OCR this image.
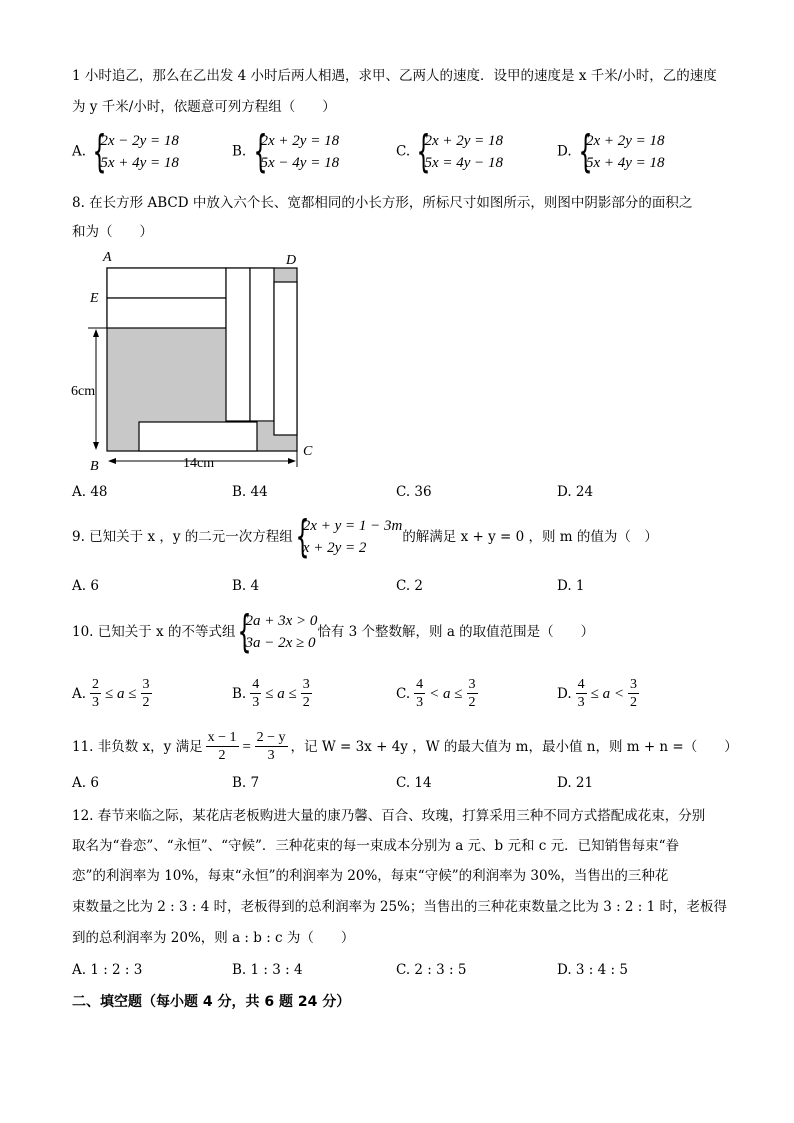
1 小时追乙，那么在乙出发 4 小时后两人相遇，求甲、乙两人的速度．设甲的速度是 x 千米/小时，乙的速度
为 y 千米/小时，依题意可列方程组（　　）
A. {
2x − 2y = 18
5x + 4y = 18
B. {
2x + 2y = 18
5x − 4y = 18
C. {
2x + 2y = 18
5x = 4y − 18
D. {
2x + 2y = 18
5x + 4y = 18
8. 在长方形 ABCD 中放入六个长、宽都相同的小长方形，所标尺寸如图所示，则图中阴影部分的面积之
和为（　　）
A	D
E
B
C
6cm
14cm
A. 48	B. 44	C. 36	D. 24
9. 已知关于 x ，y 的二元一次方程组 {
2x + y = 1 − 3m
x + 2y = 2
的解满足 x + y = 0 ，则 m 的值为（　）
A. 6	B. 4	C. 2	D. 1
10. 已知关于 x 的不等式组 {
2a + 3x > 0
3a − 2x ≥ 0
恰有 3 个整数解，则 a 的取值范围是（　　）
A. $\frac{2}{3} \le a \le \frac{3}{2}$	B. $\frac{4}{3} \le a \le \frac{3}{2}$	C. $\frac{4}{3} < a \le \frac{3}{2}$	D. $\frac{4}{3} \le a < \frac{3}{2}$
11. 非负数 x，y 满足 $\frac{x - 1}{2} = \frac{2 - y}{3}$ ，记 W = 3x + 4y ，W 的最大值为 m，最小值 n，则 m + n =（　　）
A. 6	B. 7	C. 14	D. 21
12. 春节来临之际，某花店老板购进大量的康乃馨、百合、玫瑰，打算采用三种不同方式搭配成花束，分别
取名为“眷恋”、“永恒”、“守候”．三种花束的每一束成本分别为 a 元、b 元和 c 元．已知销售每束“眷
恋”的利润率为 10%，每束“永恒”的利润率为 20%，每束“守候”的利润率为 30%，当售出的三种花
束数量之比为 2 : 3 : 4 时，老板得到的总利润率为 25%；当售出的三种花束数量之比为 3 : 2 : 1 时，老板得
到的总利润率为 20%，则 a : b : c 为（　　）
A. 1 : 2 : 3	B. 1 : 3 : 4	C. 2 : 3 : 5	D. 3 : 4 : 5
二、填空题（每小题 4 分，共 6 题 24 分）
